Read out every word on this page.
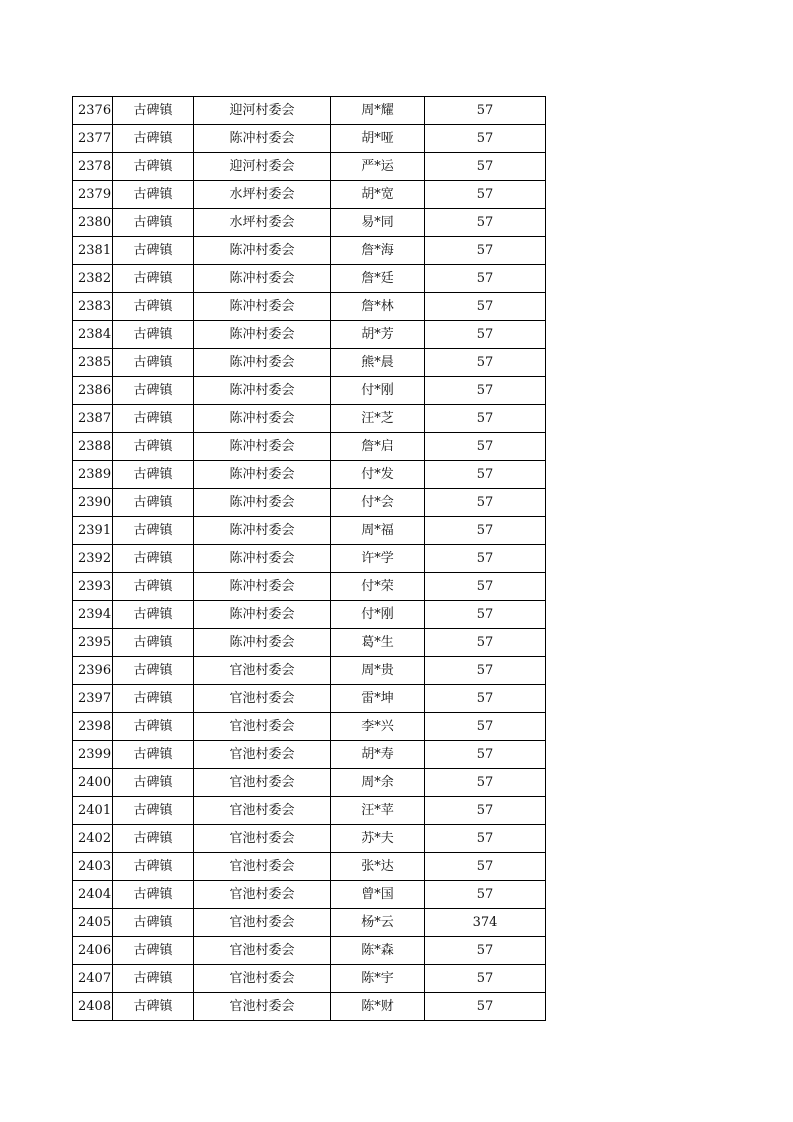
2376	古碑镇	迎河村委会	周*耀	57
2377	古碑镇	陈冲村委会	胡*哑	57
2378	古碑镇	迎河村委会	严*运	57
2379	古碑镇	水坪村委会	胡*宽	57
2380	古碑镇	水坪村委会	易*同	57
2381	古碑镇	陈冲村委会	詹*海	57
2382	古碑镇	陈冲村委会	詹*廷	57
2383	古碑镇	陈冲村委会	詹*林	57
2384	古碑镇	陈冲村委会	胡*芳	57
2385	古碑镇	陈冲村委会	熊*晨	57
2386	古碑镇	陈冲村委会	付*刚	57
2387	古碑镇	陈冲村委会	汪*芝	57
2388	古碑镇	陈冲村委会	詹*启	57
2389	古碑镇	陈冲村委会	付*发	57
2390	古碑镇	陈冲村委会	付*会	57
2391	古碑镇	陈冲村委会	周*福	57
2392	古碑镇	陈冲村委会	许*学	57
2393	古碑镇	陈冲村委会	付*荣	57
2394	古碑镇	陈冲村委会	付*刚	57
2395	古碑镇	陈冲村委会	葛*生	57
2396	古碑镇	官池村委会	周*贵	57
2397	古碑镇	官池村委会	雷*坤	57
2398	古碑镇	官池村委会	李*兴	57
2399	古碑镇	官池村委会	胡*寿	57
2400	古碑镇	官池村委会	周*余	57
2401	古碑镇	官池村委会	汪*苹	57
2402	古碑镇	官池村委会	苏*夫	57
2403	古碑镇	官池村委会	张*达	57
2404	古碑镇	官池村委会	曾*国	57
2405	古碑镇	官池村委会	杨*云	374
2406	古碑镇	官池村委会	陈*森	57
2407	古碑镇	官池村委会	陈*宇	57
2408	古碑镇	官池村委会	陈*财	57
